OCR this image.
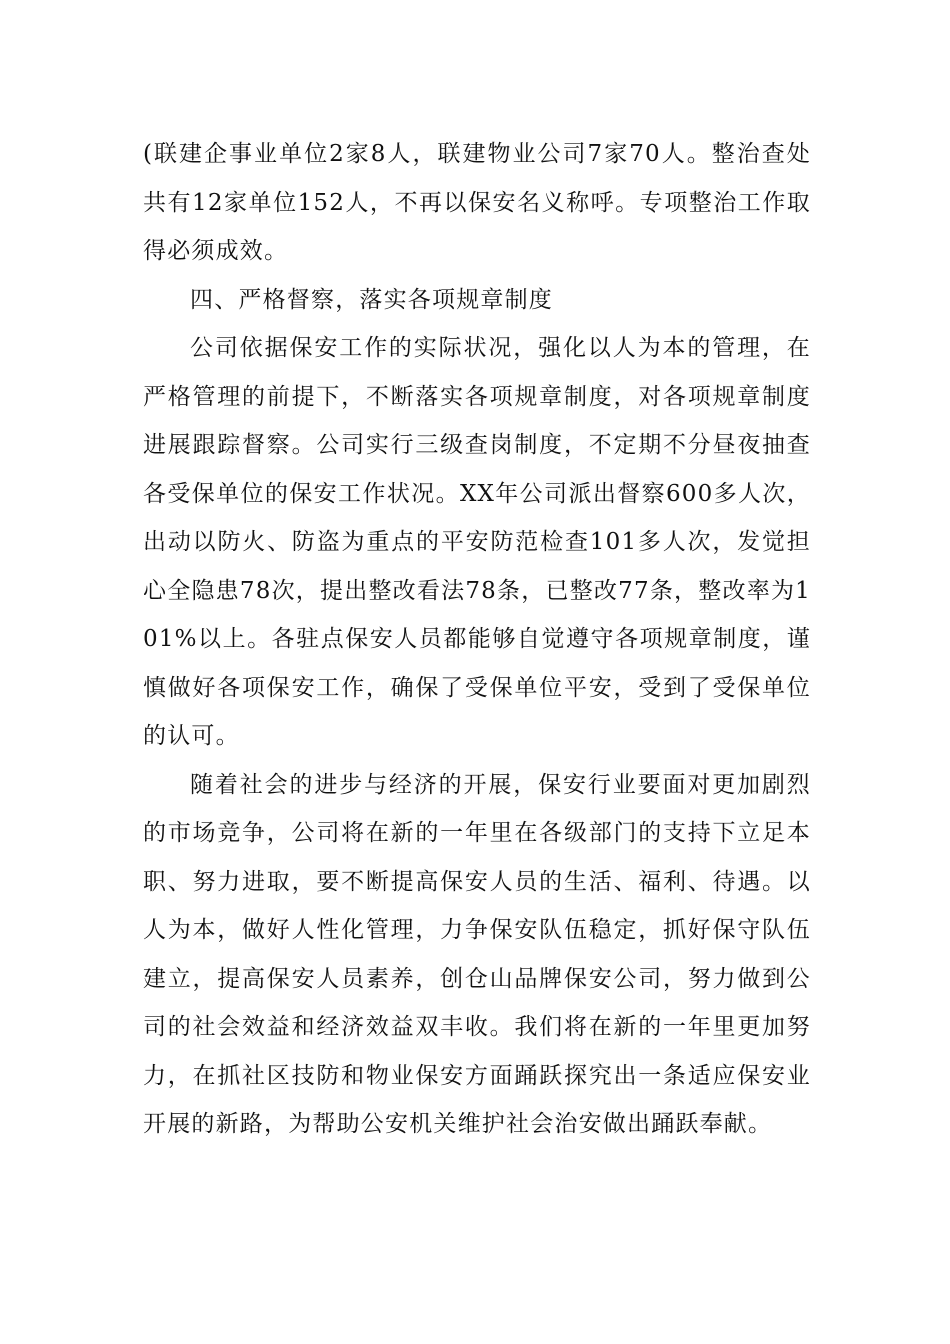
(联建企事业单位2家8人，联建物业公司7家70人。整治查处共有12家单位152人，不再以保安名义称呼。专项整治工作取得必须成效。

四、严格督察，落实各项规章制度

公司依据保安工作的实际状况，强化以人为本的管理，在严格管理的前提下，不断落实各项规章制度，对各项规章制度进展跟踪督察。公司实行三级查岗制度，不定期不分昼夜抽查各受保单位的保安工作状况。XX年公司派出督察600多人次，出动以防火、防盗为重点的平安防范检查101多人次，发觉担心全隐患78次，提出整改看法78条，已整改77条，整改率为101%以上。各驻点保安人员都能够自觉遵守各项规章制度，谨慎做好各项保安工作，确保了受保单位平安，受到了受保单位的认可。

随着社会的进步与经济的开展，保安行业要面对更加剧烈的市场竞争，公司将在新的一年里在各级部门的支持下立足本职、努力进取，要不断提高保安人员的生活、福利、待遇。以人为本，做好人性化管理，力争保安队伍稳定，抓好保守队伍建立，提高保安人员素养，创仓山品牌保安公司，努力做到公司的社会效益和经济效益双丰收。我们将在新的一年里更加努力，在抓社区技防和物业保安方面踊跃探究出一条适应保安业开展的新路，为帮助公安机关维护社会治安做出踊跃奉献。
